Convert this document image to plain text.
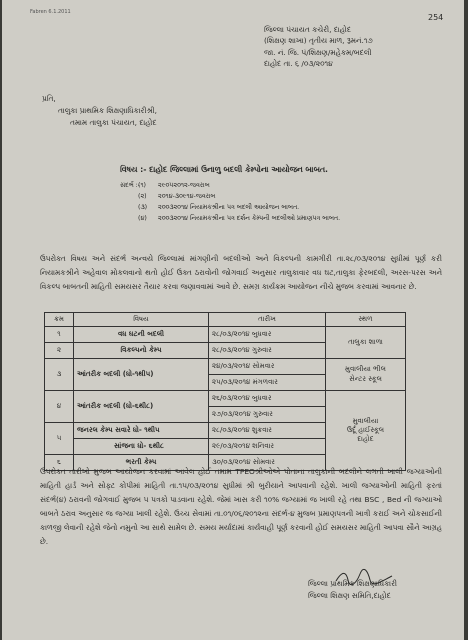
Fabren 6.1.2011
254
જિલ્લા પંચાયત કચેરી, દાહોદ
(શિક્ષણ શાખા) તૃતીય માળ, રૂમનં.૧૭
જા. નં. જિ. પં/શિક્ષણ/મહેકમ/બદલી
દાહોદ તા. ૬ /૦૩/૨૦૧૪
પ્રતિ,
તાલુકા પ્રાથમિક શિક્ષણાધિકારીશ્રી,
તમામ તાલુકા પંચાયત, દાહોદ
વિષય :- દાહોદ જિલ્લામાં ઉનાળુ બદલી કેમ્પોના આયોજન બાબત.
સંદર્ભ :- (૧) ૨૯૦૫૨૦૧૨-જવરાબ
(૨) ૨૦૧૪-૩૦૯૧૪-જવરાબ
(૩) ૨૦૦૩૨૦૧૪ નિયામકશ્રીના પત્ર બદલી આયોજન બાબત.
(૪) ૨૦૦૩૨૦૧૪ નિયામકશ્રીના પત્ર દર્શન કેમ્પની બદલીઓ પ્રમાણપત્ર બાબત.
ઉપરોક્ત વિષય અને સંદર્ભ અન્વયે જિલ્લામાં માંગણીની બદલીઓ અને વિકલ્પની કામગીરી તા.૨૮/૦૩/૨૦૧૪ સુધીમાં પૂર્ણ કરી નિયામકશ્રીને અહેવાલ મોકલવાનો થતો હોઈ ઉક્ત ઠરાવોની જોગવાઈ અનુસાર તાલુકાવાર વધ ઘટ,તાલુકા ફેરબદલી, અરસ-પરસ અને વિકલ્પ બાબતની માહિતી સમયસર તૈયાર કરવા જણાવવામાં આવે છે. સમગ્ર કાર્યક્રમ આયોજન નીચે મુજબ કરવામાં આવનાર છે.
ક્રમ	વિષય	તારીખ	સ્થળ
૧	વધ ઘટની બદલી	૨૮/૦૩/૨૦૧૪ બુધવાર	તાલુકા શાળા
૨	વિકલ્પનો કેમ્પ	૨૮/૦૩/૨૦૧૪ ગુરુવાર	
૩	આંતરીક બદલી (ધો-૧થી૫)	૨૪/૦૩/૨૦૧૪ સોમવાર	મુવાલીયા ભીલ
સેન્ટર સ્કૂલ

		૨૫/૦૩/૨૦૧૪ મંગળવાર	
૪	આંતરીક બદલી (ધો-૬થી૮)	૨૬/૦૩/૨૦૧૪ બુધવાર	મુવાલીયા
ઉર્દૂ હાઈસ્કૂલ
દાહોદ

		૨૭/૦૩/૨૦૧૪ ગુરુવાર	
૫	જનરલ કેમ્પ સવારે ધો- ૧થી૫	૨૮/૦૩/૨૦૧૪ શુક્રવાર	
	સાંજના ધો- ૬થી૮	૨૯/૦૩/૨૦૧૪ શનિવાર	
૬	ભરતી કેમ્પ	૩૦/૦૩/૨૦૧૪ સોમવાર	
ઉપરોક્ત તારીખો મુજબ આયોજન કરવામાં આવેલ હોઈ તમામ TPEOશ્રીઓએ પોતાના તાલુકાની બદલીને લગતી ખાલી જગ્યાઓની માહિતી હાર્ડ અને સોફ્ટ કોપીમાં માહિતી તા.૧૫/૦૩/૨૦૧૪ સુધીમાં શ્રી બુરીયાને આપવાની રહેશે. ખાલી જગ્યાઓની માહિતી ફરતાં સંદર્ભ(૪) ઠરાવની જોગવાઈ મુજબ ૫ પત્રકો પાડવાના રહેશે. જેમાં ખાસ કરી ૧૦% જગ્યામાં જ ખાલી રહે તથા BSC , Bed ની જગ્યાઓ બાબતે ઠરાવ અનુસાર જ જગ્યા ખાલી રહેશે. ઉચ્ચ સેવામાં તા.૦૧/૦૬/૨૦૧૨ના સંદર્ભ-૪ મુજબ પ્રમાણપત્રની ખાત્રી કરાઈ અને ચોકસાઈની કાળજી લેવાની રહેશે જેનો નમુનો આ સાથે સામેલ છે. સમય મર્યાદામાં કાર્યવાહી પૂર્ણ કરવાની હોઈ સમયસર માહિતી આપવા સૌને આગ્રહ છે.
જિલ્લા પ્રાથમિક શિક્ષણાધિકારી
જિલ્લા શિક્ષણ સમિતિ,દાહોદ
